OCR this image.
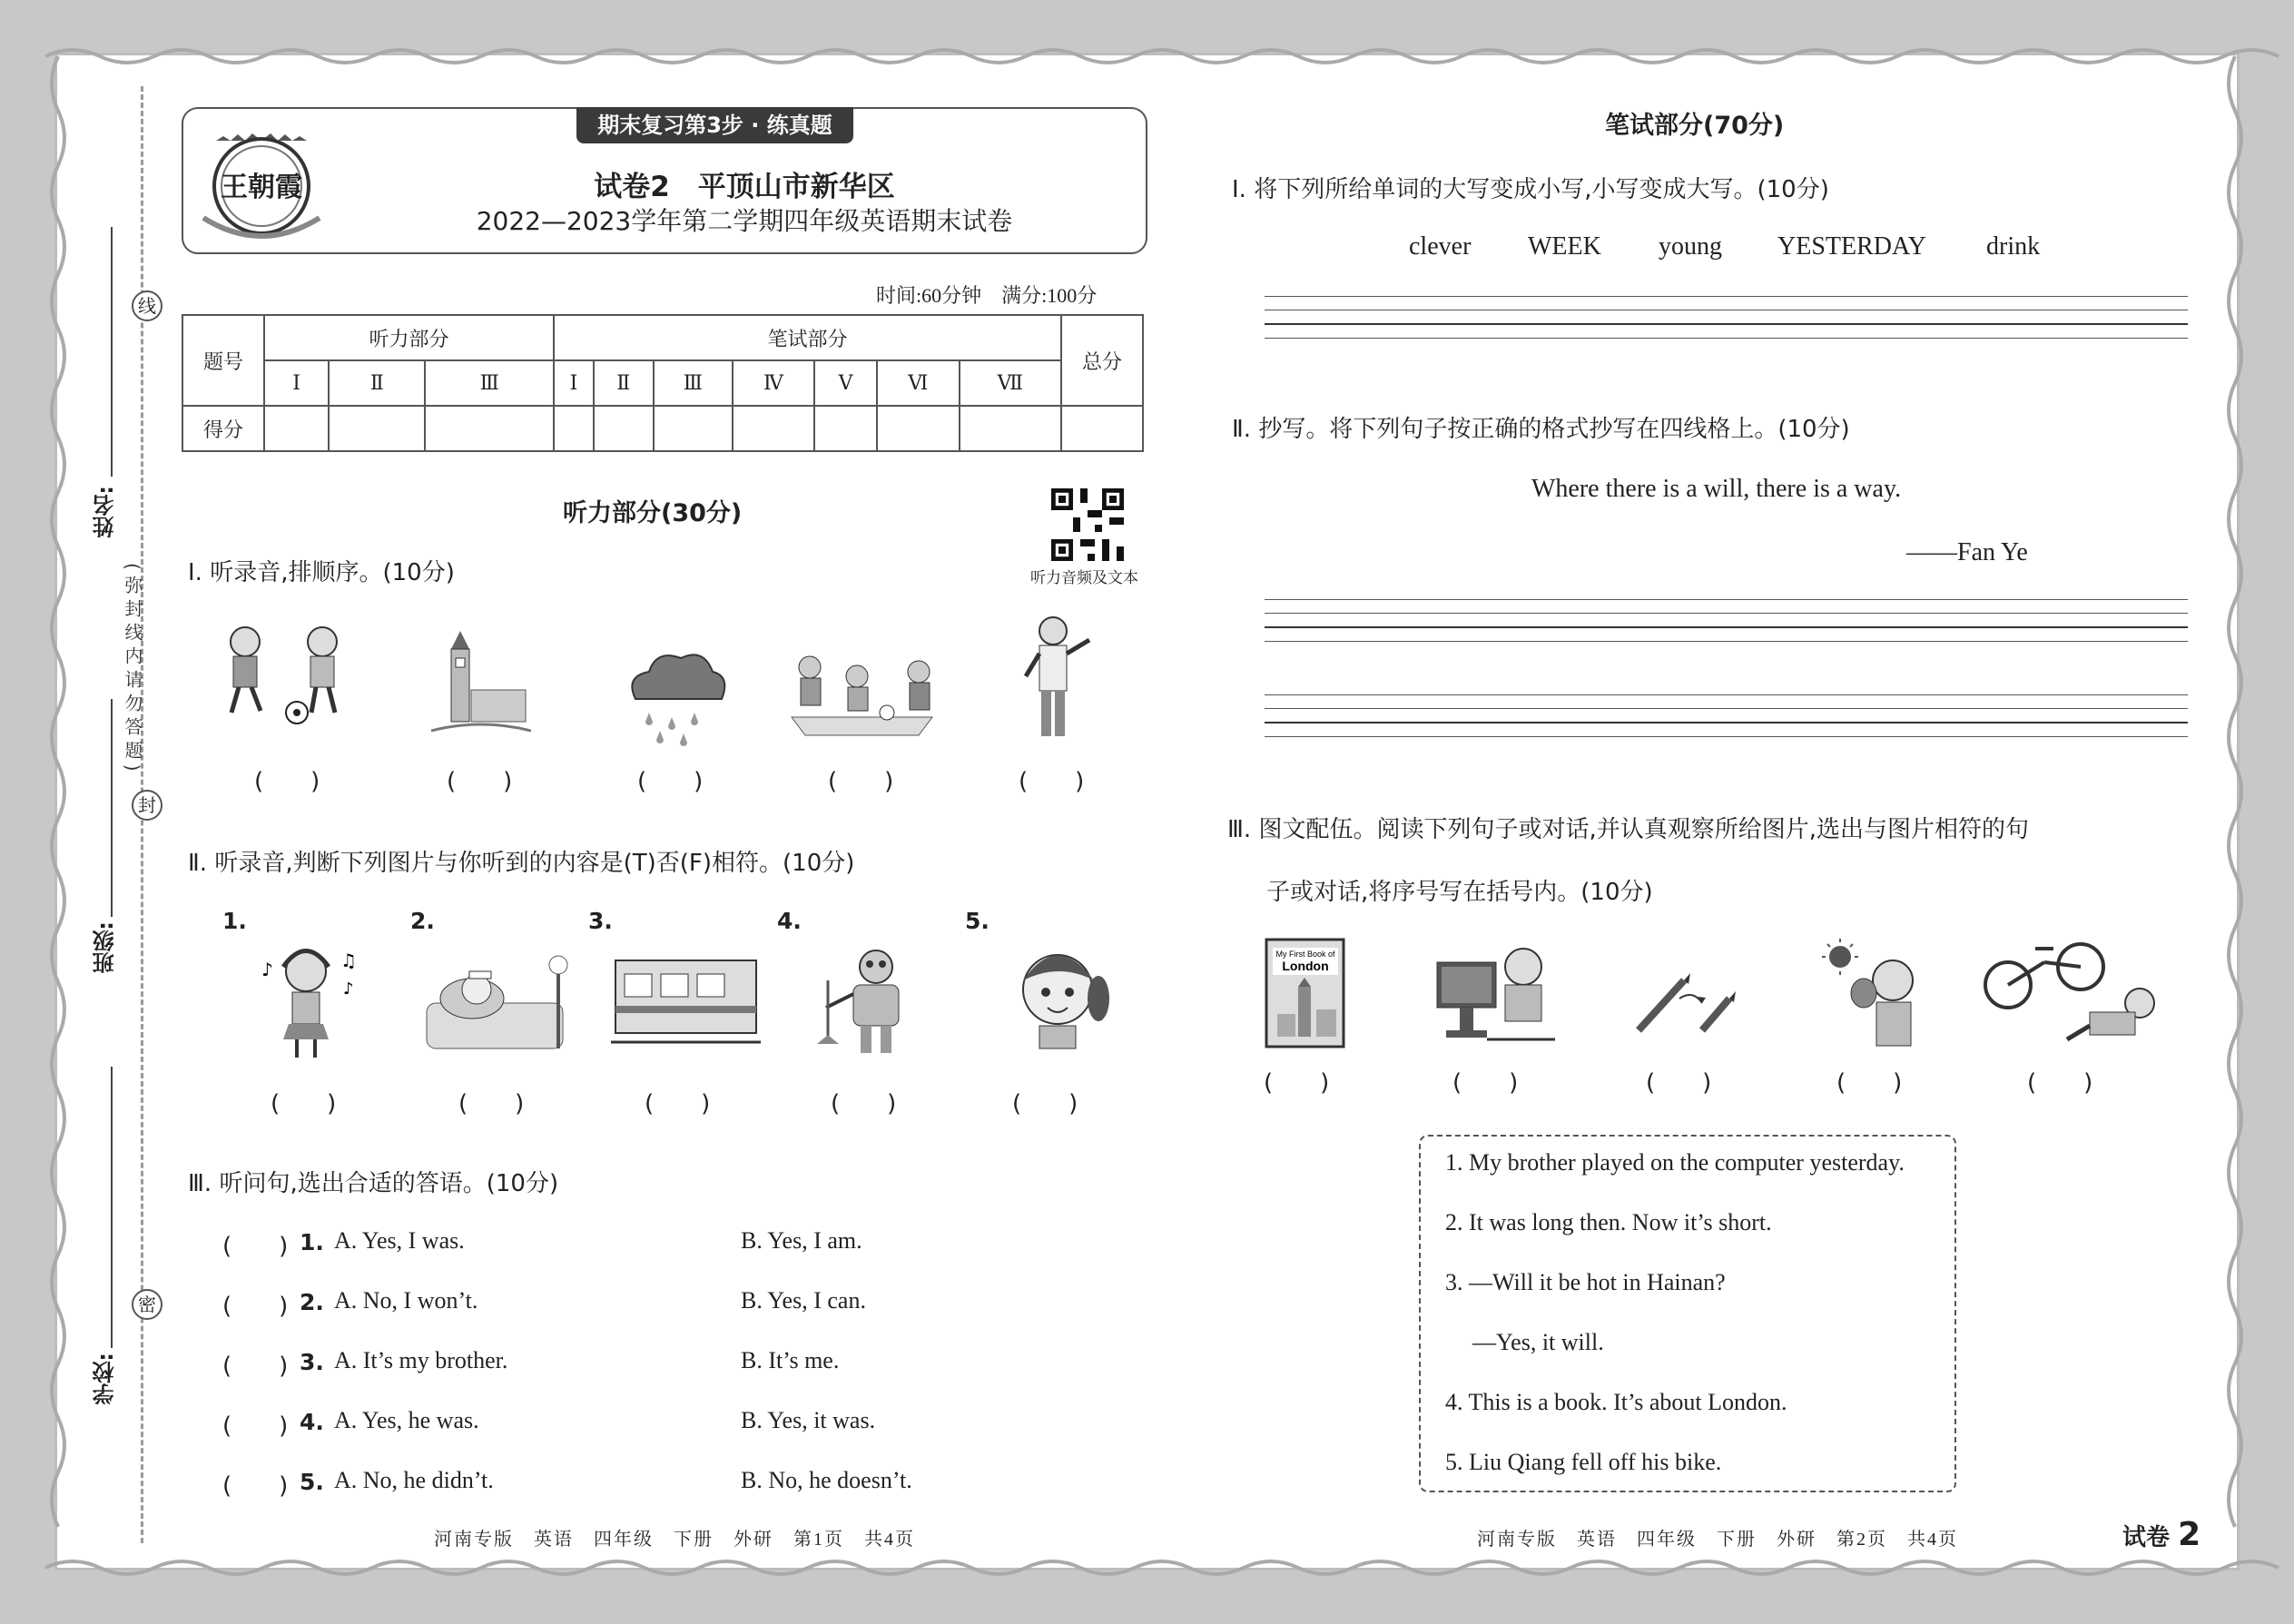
线
封
密
姓名:
(弥封线内请勿答题)
班级:
学校:
期末复习第3步 · 练真题
王朝霞	试卷2　平顶山市新华区
2022—2023学年第二学期四年级英语期末试卷
时间:60分钟　满分:100分
题号	听力部分			笔试部分							总分
	Ⅰ	Ⅱ	Ⅲ	Ⅰ	Ⅱ	Ⅲ	Ⅳ	Ⅴ	Ⅵ	Ⅶ	
得分											
听力部分(30分)
听力音频及文本
Ⅰ. 听录音,排顺序。(10分)
(　　)	(　　)	(　　)	(　　)	(　　)
Ⅱ. 听录音,判断下列图片与你听到的内容是(T)否(F)相符。(10分)
1.	2.	3.	4.	5.
♪	♫
♪
(　　)	(　　)	(　　)	(　　)	(　　)
Ⅲ. 听问句,选出合适的答语。(10分)
(　　) 1. A. Yes, I was.	B. Yes, I am.
(　　) 2. A. No, I won’t.	B. Yes, I can.
(　　) 3. A. It’s my brother.	B. It’s me.
(　　) 4. A. Yes, he was.	B. Yes, it was.
(　　) 5. A. No, he didn’t.	B. No, he doesn’t.
河南专版　英语　四年级　下册　外研　第1页　共4页
笔试部分(70分)
Ⅰ. 将下列所给单词的大写变成小写,小写变成大写。(10分)
clever WEEK young YESTERDAY drink
Ⅱ. 抄写。将下列句子按正确的格式抄写在四线格上。(10分)
Where there is a will, there is a way.
——Fan Ye
Ⅲ. 图文配伍。阅读下列句子或对话,并认真观察所给图片,选出与图片相符的句
子或对话,将序号写在括号内。(10分)
My First Book of
London
(　　)	(　　)	(　　)	(　　)	(　　)
1. My brother played on the computer yesterday.
2. It was long then. Now it’s short.
3. —Will it be hot in Hainan?
—Yes, it will.
4. This is a book. It’s about London.
5. Liu Qiang fell off his bike.
河南专版　英语　四年级　下册　外研　第2页　共4页	试卷 2
